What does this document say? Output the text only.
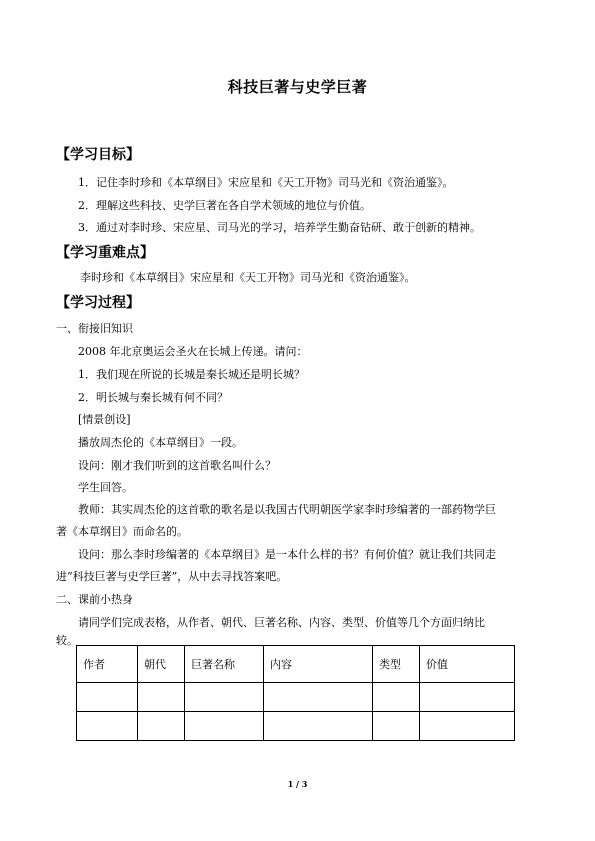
科技巨著与史学巨著
【学习目标】
1．记住李时珍和《本草纲目》宋应星和《天工开物》司马光和《资治通鉴》。
2．理解这些科技、史学巨著在各自学术领域的地位与价值。
3．通过对李时珍、宋应星、司马光的学习，培养学生勤奋钻研、敢于创新的精神。
【学习重难点】
李时珍和《本草纲目》宋应星和《天工开物》司马光和《资治通鉴》。
【学习过程】
一、衔接旧知识
2008 年北京奥运会圣火在长城上传递。请问：
1．我们现在所说的长城是秦长城还是明长城？
2．明长城与秦长城有何不同？
[情景创设]
播放周杰伦的《本草纲目》一段。
设问：刚才我们听到的这首歌名叫什么？
学生回答。
教师：其实周杰伦的这首歌的歌名是以我国古代明朝医学家李时珍编著的一部药物学巨
著《本草纲目》而命名的。
设问：那么李时珍编著的《本草纲目》是一本什么样的书？有何价值？就让我们共同走
进“科技巨著与史学巨著”，从中去寻找答案吧。
二、课前小热身
请同学们完成表格，从作者、朝代、巨著名称、内容、类型、价值等几个方面归纳比
较。
作者	朝代	巨著名称	内容	类型	价值

1 / 3
